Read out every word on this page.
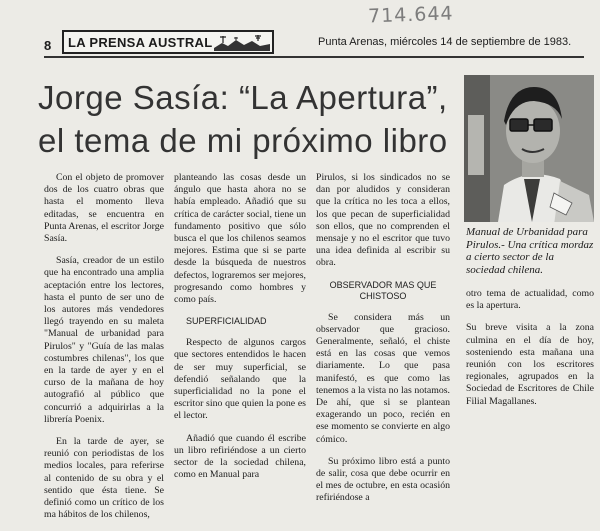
714.644
8 LA PRENSA AUSTRAL	Punta Arenas, miércoles 14 de septiembre de 1983.
Jorge Sasía: “La Apertura”,
el tema de mi próximo libro
Manual de Urbanidad para Pirulos.- Una crítica mordaz a cierto sector de la sociedad chilena.

Con el objeto de promover dos de los cuatro obras que hasta el momento lleva editadas, se encuentra en Punta Arenas, el escritor Jorge Sasía.

Sasía, creador de un estilo que ha encontrado una amplia aceptación entre los lectores, hasta el punto de ser uno de los autores más vendedores llegó trayendo en su maleta "Manual de urbanidad para Pirulos" y "Guía de las malas costumbres chilenas", los que en la tarde de ayer y en el curso de la mañana de hoy autografió al público que concurrió a adquirirlas a la librería Poenix.

En la tarde de ayer, se reunió con periodistas de los medios locales, para referirse al contenido de su obra y el sentido que ésta tiene. Se definió como un crítico de los ma hábitos de los chilenos,

planteando las cosas desde un ángulo que hasta ahora no se había empleado. Añadió que su crítica de carácter social, tiene un fundamento positivo que sólo busca el que los chilenos seamos mejores. Estima que si se parte desde la búsqueda de nuestros defectos, lograremos ser mejores, progresando como hombres y como país.

SUPERFICIALIDAD

Respecto de algunos cargos que sectores entendidos le hacen de ser muy superficial, se defendió señalando que la superficialidad no la pone el escritor sino que quien la pone es el lector.

Añadió que cuando él escribe un libro refiriéndose a un cierto sector de la sociedad chilena, como en Manual para

Pirulos, si los sindicados no se dan por aludidos y consideran que la crítica no les toca a ellos, los que pecan de superficialidad son ellos, que no comprenden el mensaje y no el escritor que tuvo una idea definida al escribir su obra.

OBSERVADOR MAS QUE CHISTOSO

Se considera más un observador que gracioso. Generalmente, señaló, el chiste está en las cosas que vemos diariamente. Lo que pasa manifestó, es que como las tenemos a la vista no las notamos. De ahí, que si se plantean exagerando un poco, recién en ese momento se convierte en algo cómico.

Su próximo libro está a punto de salir, cosa que debe ocurrir en el mes de octubre, en esta ocasión refiriéndose a

otro tema de actualidad, como es la apertura.

Su breve visita a la zona culmina en el día de hoy, sosteniendo esta mañana una reunión con los escritores regionales, agrupados en la Sociedad de Escritores de Chile Filial Magallanes.
